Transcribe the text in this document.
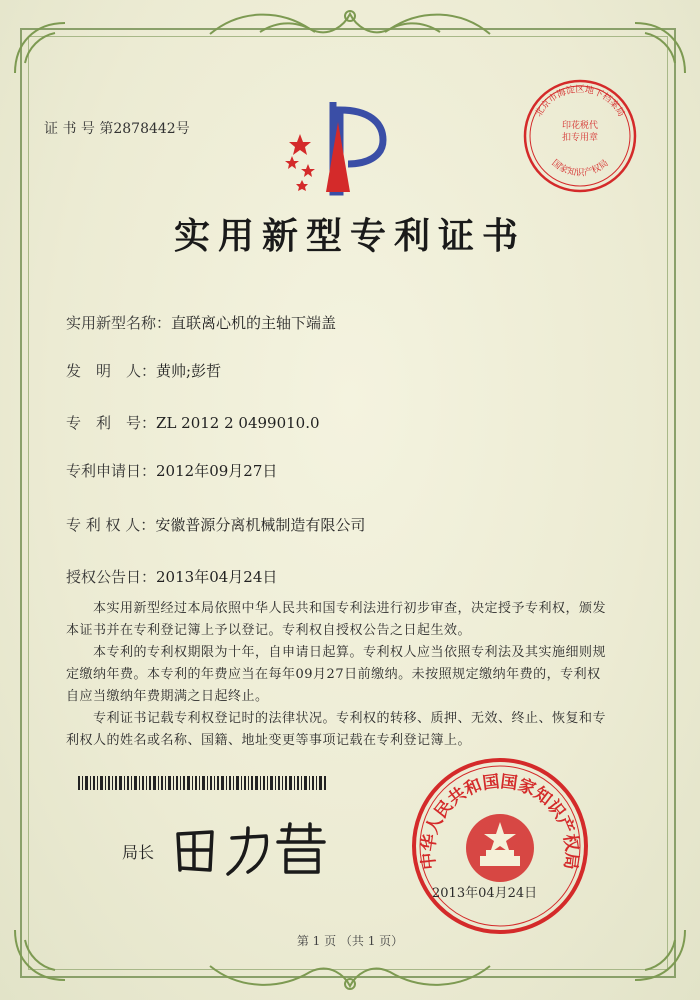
证 书 号 第2878442号
北京市海淀区地下档案局
国家知识产权局
印花税代扣专用章
实用新型专利证书
实用新型名称：直联离心机的主轴下端盖
发　明　人：黄帅;彭哲
专　利　号：ZL 2012 2 0499010.0
专利申请日：2012年09月27日
专 利 权 人：安徽普源分离机械制造有限公司
授权公告日：2013年04月24日
　　本实用新型经过本局依照中华人民共和国专利法进行初步审查，决定授予专利权，颁发本证书并在专利登记簿上予以登记。专利权自授权公告之日起生效。
　　本专利的专利权期限为十年，自申请日起算。专利权人应当依照专利法及其实施细则规定缴纳年费。本专利的年费应当在每年09月27日前缴纳。未按照规定缴纳年费的，专利权自应当缴纳年费期满之日起终止。
　　专利证书记载专利权登记时的法律状况。专利权的转移、质押、无效、终止、恢复和专利权人的姓名或名称、国籍、地址变更等事项记载在专利登记簿上。
局长	中华人民共和国国家知识产权局
2013年04月24日
第 1 页 （共 1 页）
